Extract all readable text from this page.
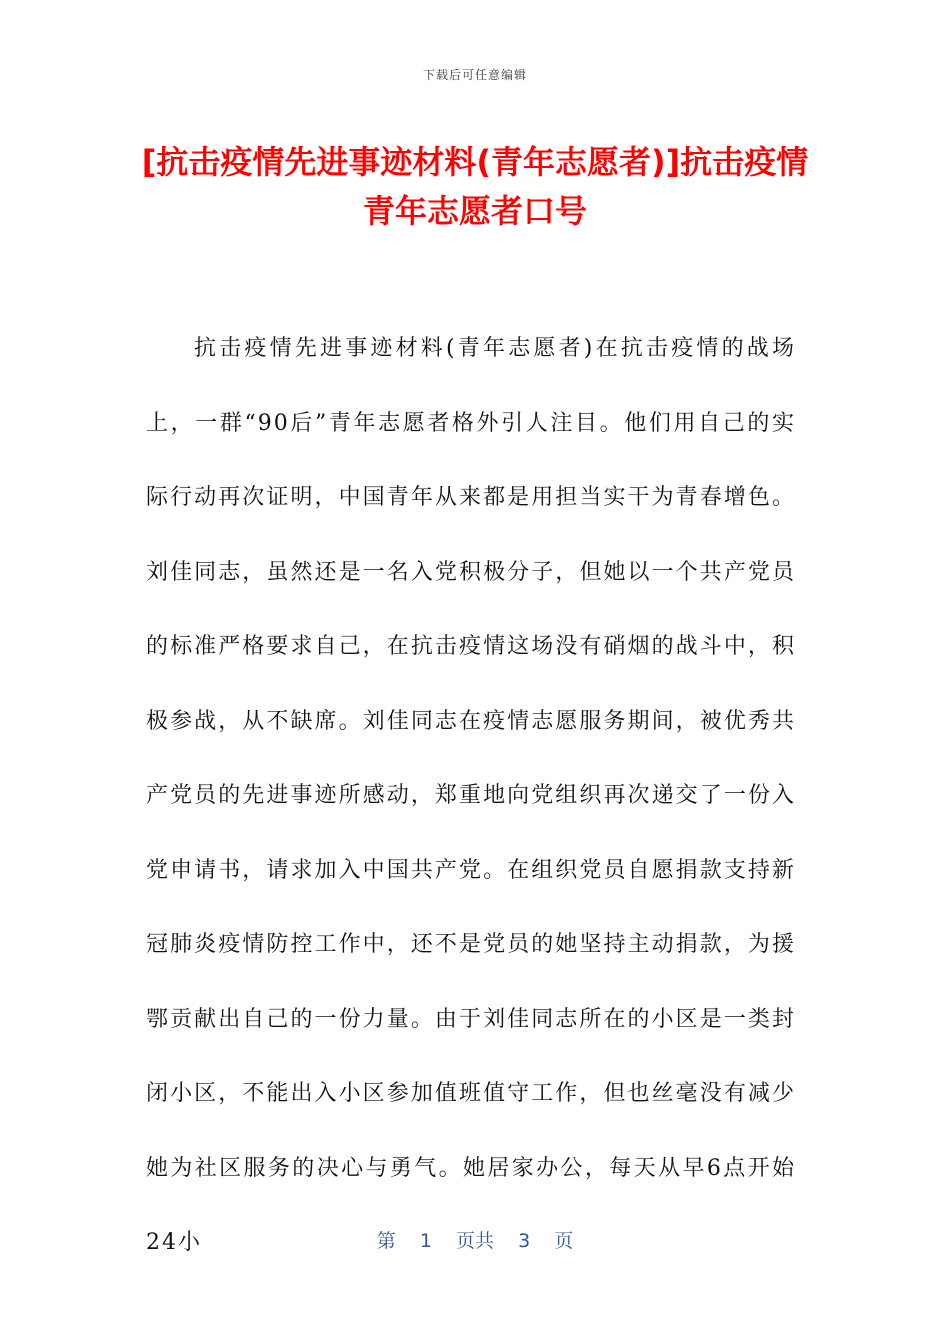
下载后可任意编辑
[抗击疫情先进事迹材料(青年志愿者)]抗击疫情青年志愿者口号

抗击疫情先进事迹材料(青年志愿者)在抗击疫情的战场上，一群“90后”青年志愿者格外引人注目。他们用自己的实际行动再次证明，中国青年从来都是用担当实干为青春增色。刘佳同志，虽然还是一名入党积极分子，但她以一个共产党员的标准严格要求自己，在抗击疫情这场没有硝烟的战斗中，积极参战，从不缺席。刘佳同志在疫情志愿服务期间，被优秀共产党员的先进事迹所感动，郑重地向党组织再次递交了一份入党申请书，请求加入中国共产党。在组织党员自愿捐款支持新冠肺炎疫情防控工作中，还不是党员的她坚持主动捐款，为援鄂贡献出自己的一份力量。由于刘佳同志所在的小区是一类封闭小区，不能出入小区参加值班值守工作，但也丝毫没有减少她为社区服务的决心与勇气。她居家办公，每天从早6点开始24小	第  1  页共  3  页
